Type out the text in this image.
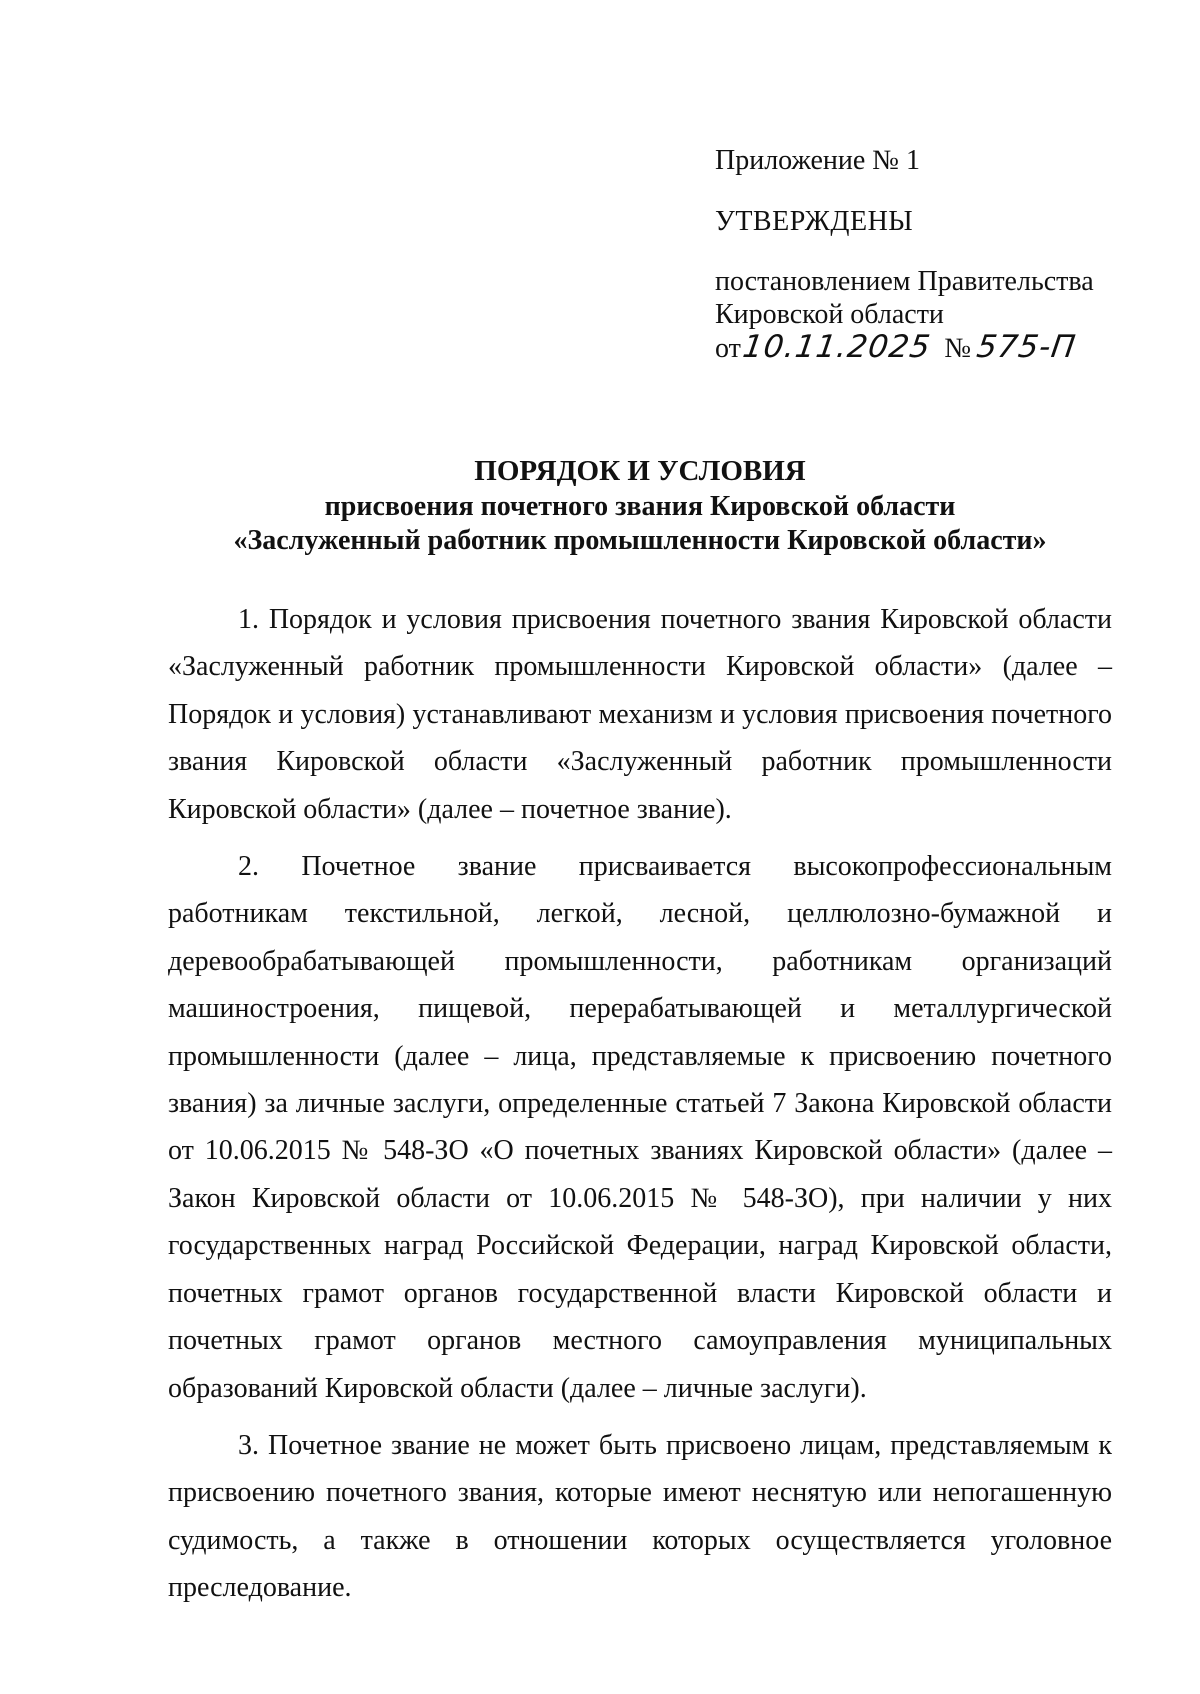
Приложение № 1

УТВЕРЖДЕНЫ

постановлением Правительства

Кировской области

от10.11.2025 № 575-П

ПОРЯДОК И УСЛОВИЯ

присвоения почетного звания Кировской области

«Заслуженный работник промышленности Кировской области»

1. Порядок и условия присвоения почетного звания Кировской области «Заслуженный работник промышленности Кировской области» (далее – Порядок и условия) устанавливают механизм и условия присвоения почетного звания Кировской области «Заслуженный работник промышленности Кировской области» (далее – почетное звание).

2. Почетное звание присваивается высокопрофессиональным работникам текстильной, легкой, лесной, целлюлозно-бумажной и деревообрабатывающей промышленности, работникам организаций машиностроения, пищевой, перерабатывающей и металлургической промышленности (далее – лица, представляемые к присвоению почетного звания) за личные заслуги, определенные статьей 7 Закона Кировской области от 10.06.2015 № 548-ЗО «О почетных званиях Кировской области» (далее – Закон Кировской области от 10.06.2015 № 548-ЗО), при наличии у них государственных наград Российской Федерации, наград Кировской области, почетных грамот органов государственной власти Кировской области и почетных грамот органов местного самоуправления муниципальных образований Кировской области (далее – личные заслуги).

3. Почетное звание не может быть присвоено лицам, представляемым к присвоению почетного звания, которые имеют неснятую или непогашенную судимость, а также в отношении которых осуществляется уголовное преследование.
